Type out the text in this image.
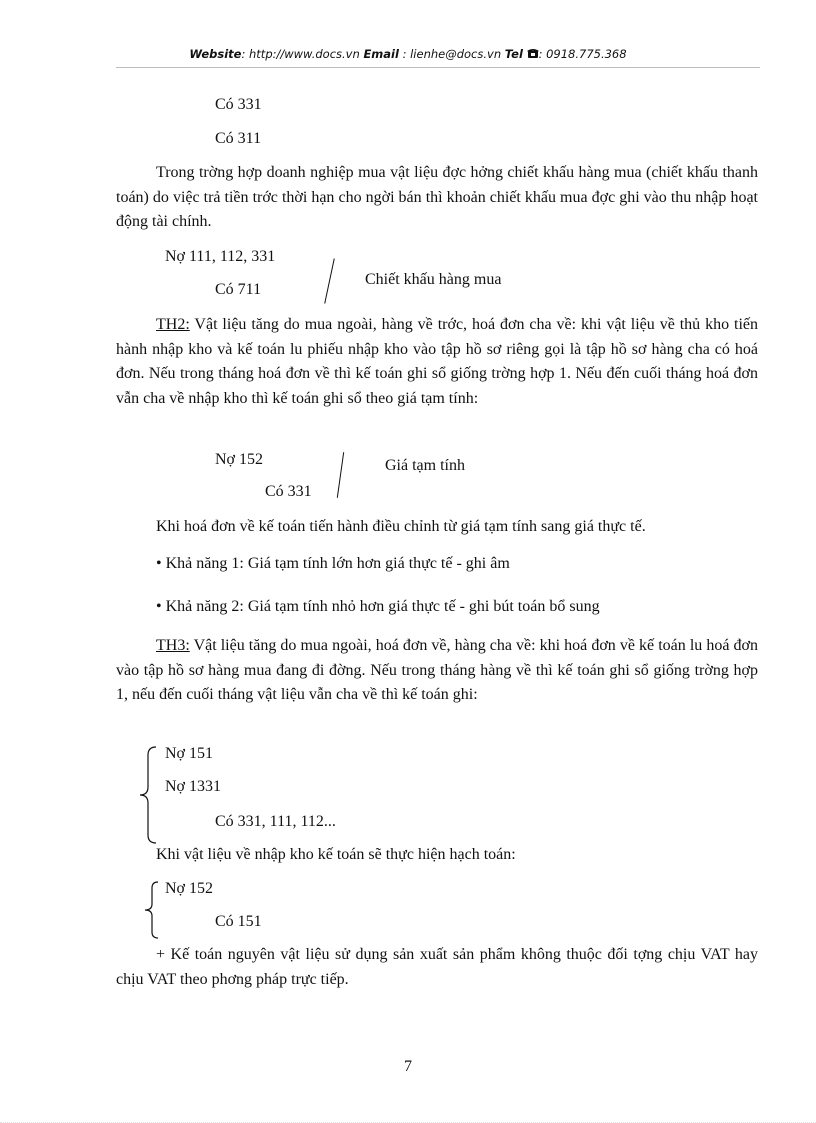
Website: http://www.docs.vn Email : lienhe@docs.vn Tel : 0918.775.368
Có 331
Có 311
Trong trờng hợp doanh nghiệp mua vật liệu đợc hởng chiết khấu hàng mua (chiết khấu thanh toán) do việc trả tiền trớc thời hạn cho ngời bán thì khoản chiết khấu mua đợc ghi vào thu nhập hoạt động tài chính.
Nợ 111, 112, 331
Có 711
Chiết khấu hàng mua
TH2: Vật liệu tăng do mua ngoài, hàng về trớc, hoá đơn cha về: khi vật liệu về thủ kho tiến hành nhập kho và kế toán lu phiếu nhập kho vào tập hồ sơ riêng gọi là tập hồ sơ hàng cha có hoá đơn. Nếu trong tháng hoá đơn về thì kế toán ghi sổ giống trờng hợp 1. Nếu đến cuối tháng hoá đơn vẫn cha về nhập kho thì kế toán ghi sổ theo giá tạm tính:
Nợ 152
Có 331
Giá tạm tính
Khi hoá đơn về kế toán tiến hành điều chỉnh từ giá tạm tính sang giá thực tế.
• Khả năng 1: Giá tạm tính lớn hơn giá thực tế - ghi âm
• Khả năng 2: Giá tạm tính nhỏ hơn giá thực tế - ghi bút toán bổ sung
TH3: Vật liệu tăng do mua ngoài, hoá đơn về, hàng cha về: khi hoá đơn về kế toán lu hoá đơn vào tập hồ sơ hàng mua đang đi đờng. Nếu trong tháng hàng về thì kế toán ghi sổ giống trờng hợp 1, nếu đến cuối tháng vật liệu vẫn cha về thì kế toán ghi:
Nợ 151
Nợ 1331
Có 331, 111, 112...
Khi vật liệu về nhập kho kế toán sẽ thực hiện hạch toán:
Nợ 152
Có 151
+ Kế toán nguyên vật liệu sử dụng sản xuất sản phẩm không thuộc đối tợng chịu VAT hay chịu VAT theo phơng pháp trực tiếp.
7
